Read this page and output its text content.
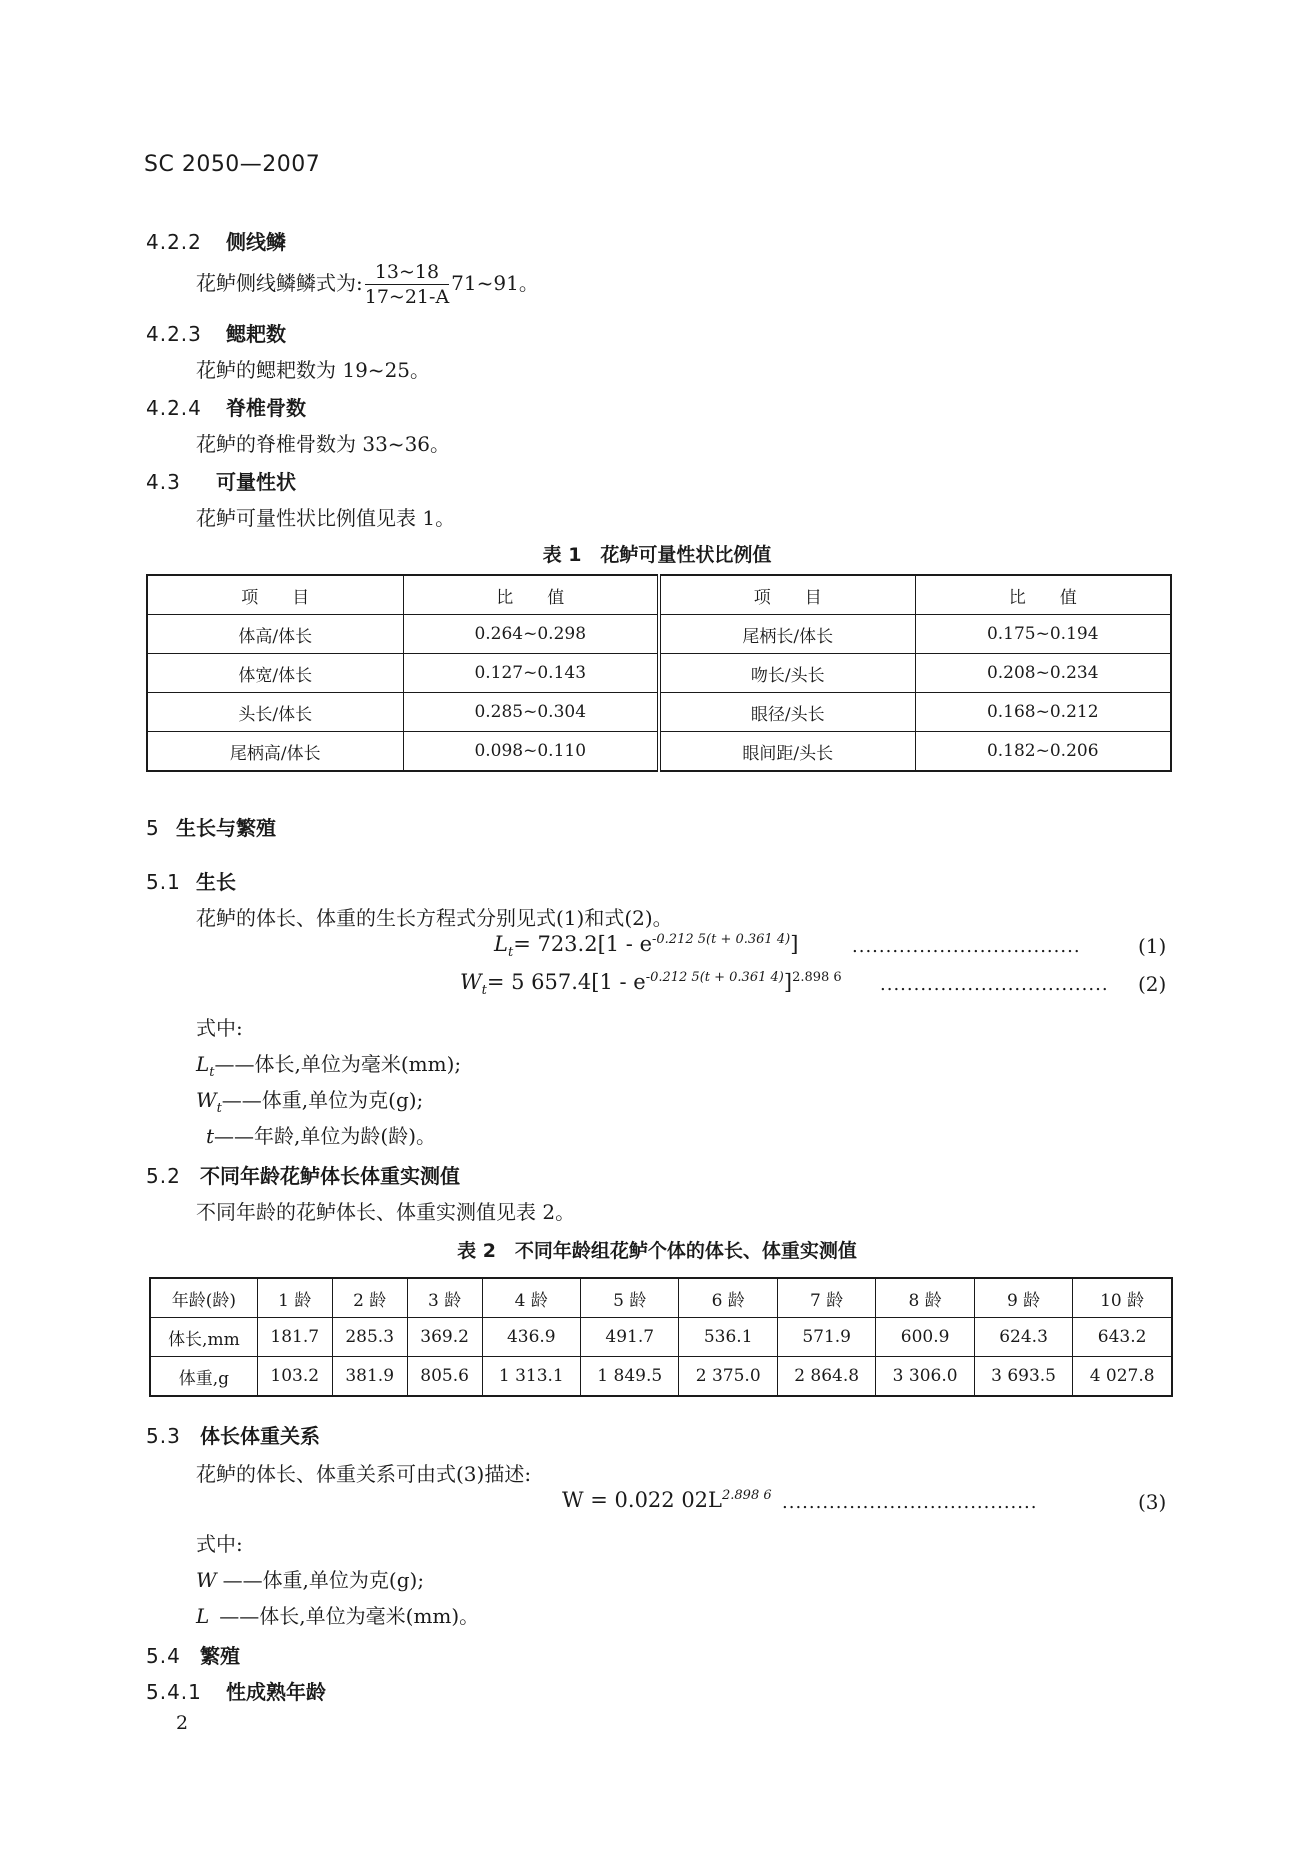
SC 2050—2007
4.2.2 侧线鳞
花鲈侧线鳞鳞式为: $\frac{13\sim 18}{17\sim 21-A}$ 71~91。
4.2.3 鳃耙数
花鲈的鳃耙数为 19~25。
4.2.4 脊椎骨数
花鲈的脊椎骨数为 33~36。
4.3 可量性状
花鲈可量性状比例值见表 1。
表 1　花鲈可量性状比例值
项　　目	比　　值	项　　目	比　　值
体高/体长	0.264~0.298	尾柄长/体长	0.175~0.194
体宽/体长	0.127~0.143	吻长/头长	0.208~0.234
头长/体长	0.285~0.304	眼径/头长	0.168~0.212
尾柄高/体长	0.098~0.110	眼间距/头长	0.182~0.206
5 生长与繁殖
5.1 生长
花鲈的体长、体重的生长方程式分别见式(1)和式(2)。
$L_t= 723.2[1 - e^{-0.212 5(t + 0.361 4)}]$	..................................	(1)
$W_t= 5$ $657.4[1 - e^{-0.212 5(t + 0.361 4)}]^{2.898 6}$ .................................. (2)
式中:
$L_t——$体长,单位为毫米(mm);
$W_t——$体重,单位为克(g);
t——年龄,单位为龄(龄)。
5.2 不同年龄花鲈体长体重实测值
不同年龄的花鲈体长、体重实测值见表 2。
表 2　不同年龄组花鲈个体的体长、体重实测值
年龄(龄)	1 龄	2 龄	3 龄	4 龄	5 龄	6 龄	7 龄	8 龄	9 龄	10 龄
体长,mm	181.7	285.3	369.2	436.9	491.7	536.1	571.9	600.9	624.3	643.2
体重,g	103.2	381.9	805.6	1 313.1	1 849.5	2 375.0	2 864.8	3 306.0	3 693.5	4 027.8
5.3 体长体重关系
花鲈的体长、体重关系可由式(3)描述:
W = 0.022 $02L^{2.898 6}$ ......................................	(3)
式中:
W ——体重,单位为克(g);
L ——体长,单位为毫米(mm)。
5.4 繁殖
5.4.1 性成熟年龄
2
